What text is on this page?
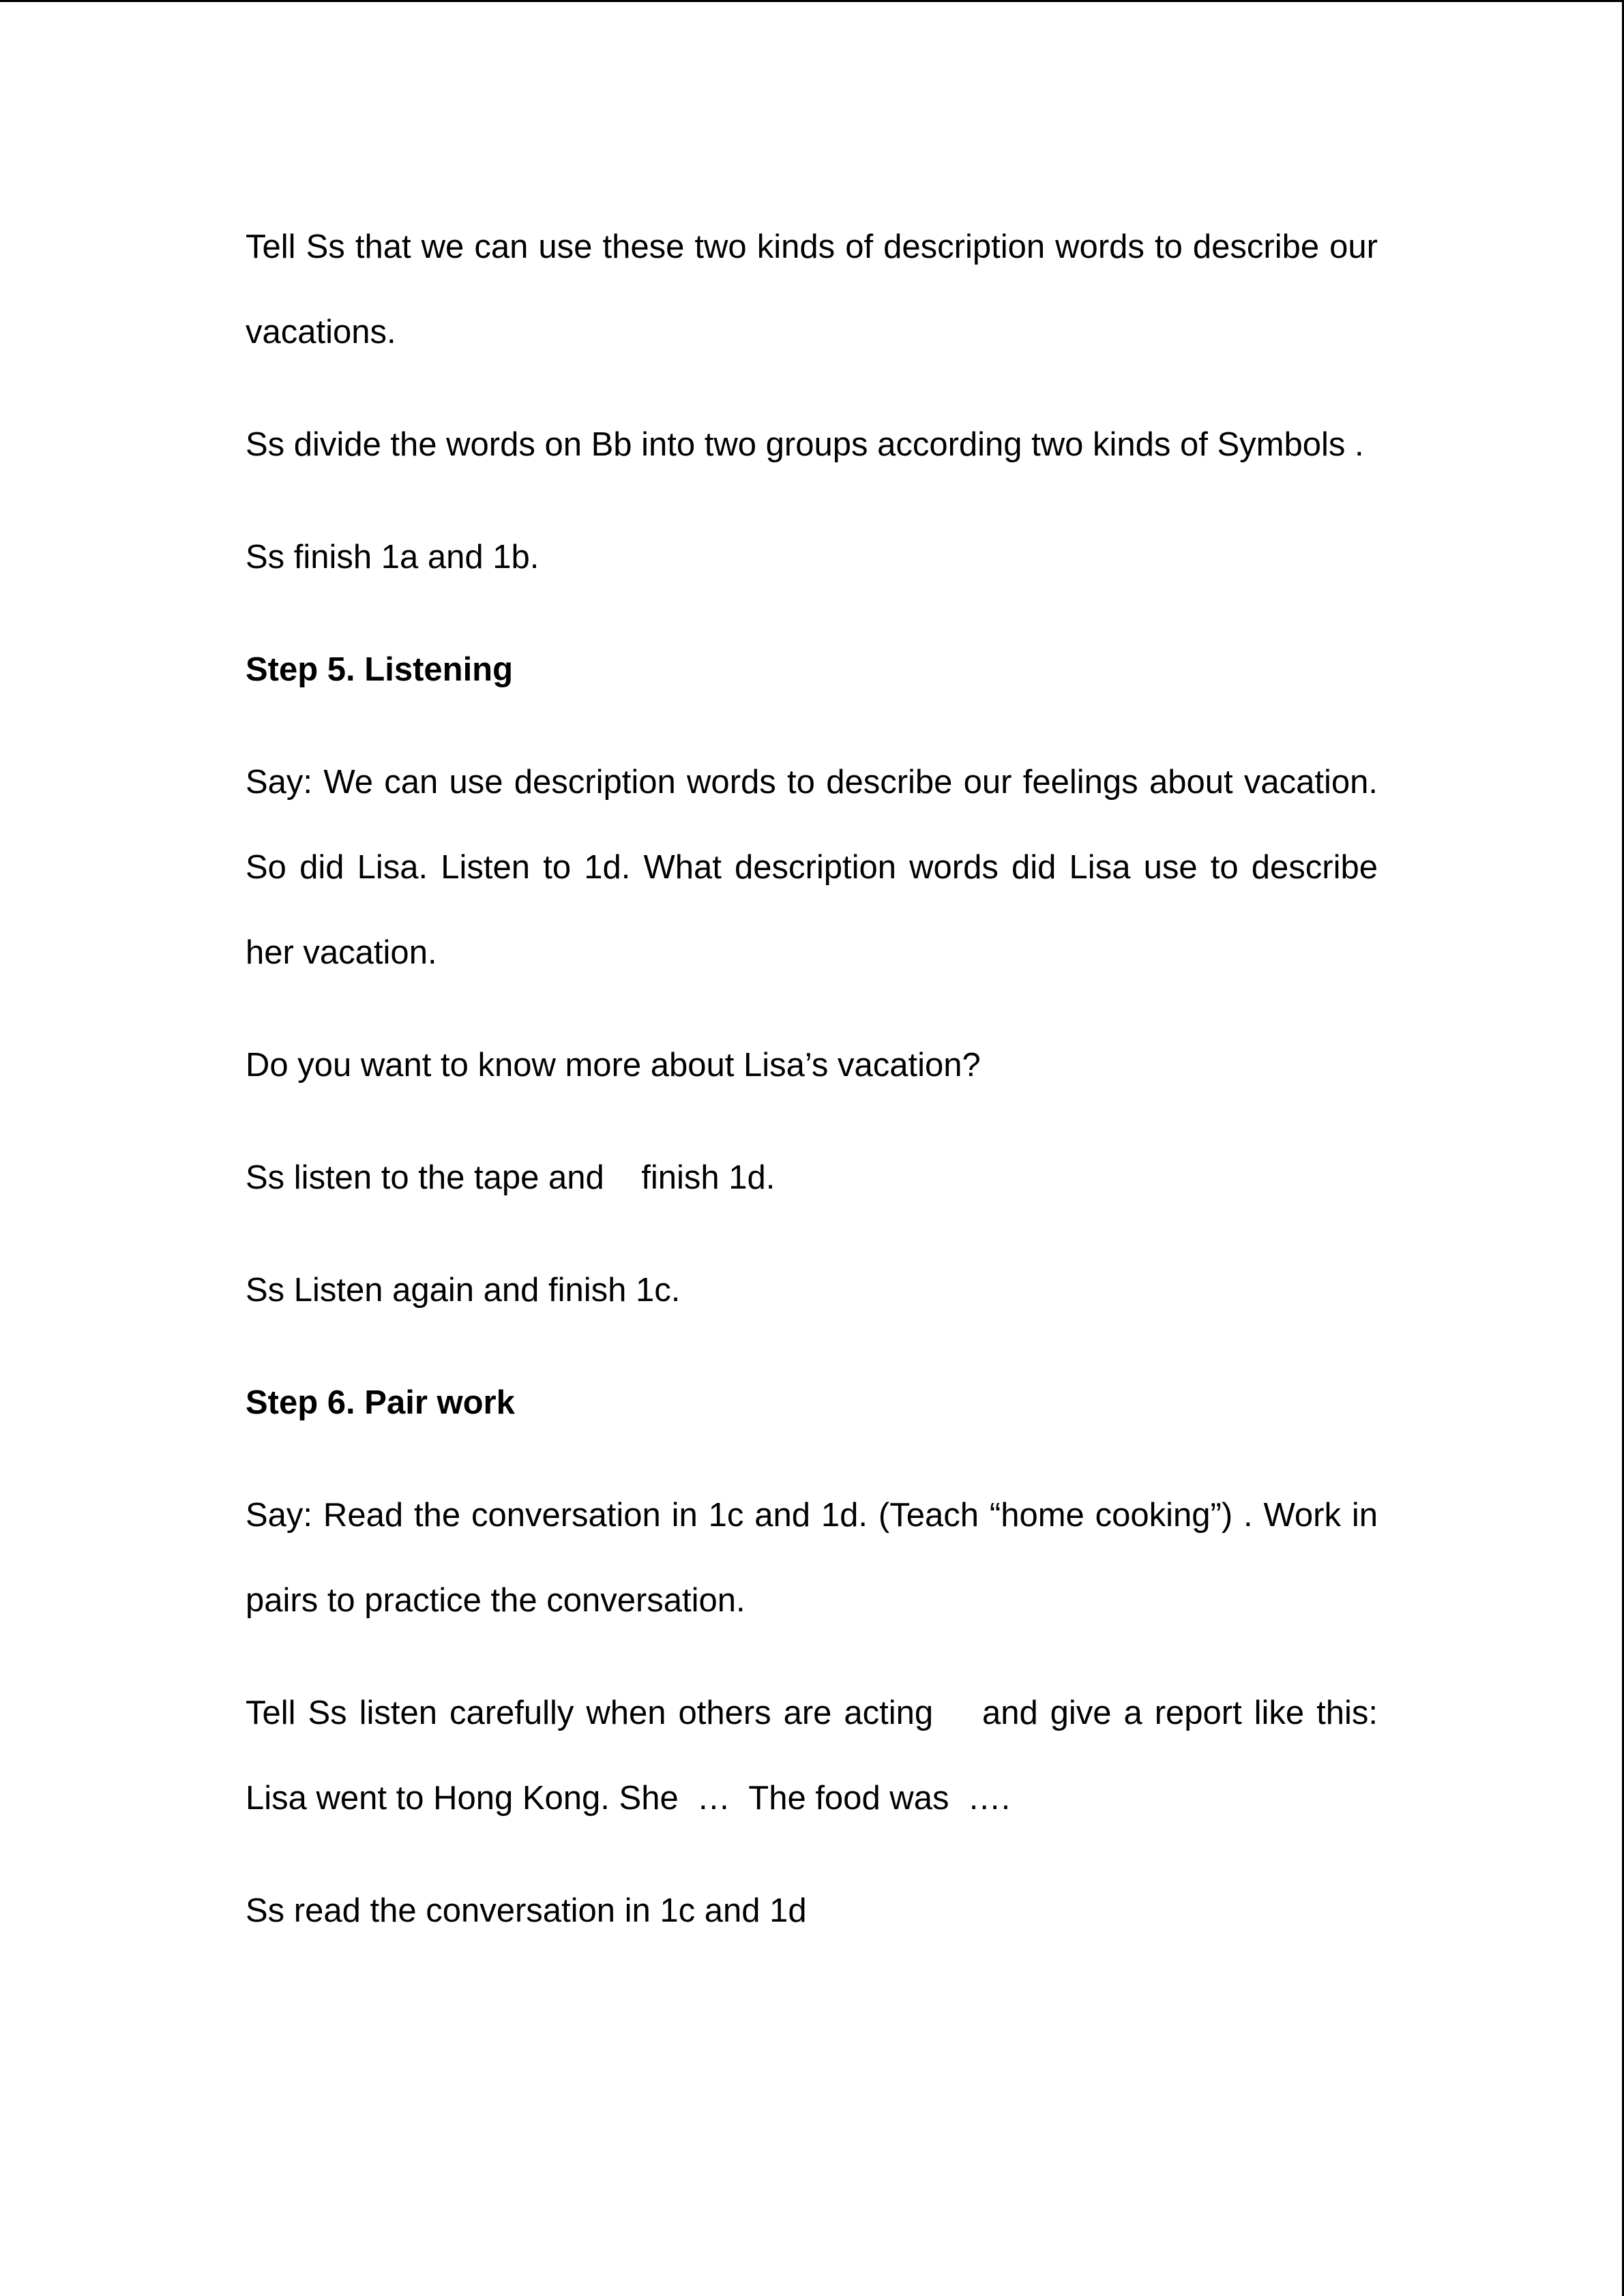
Tell Ss that we can use these two kinds of description words to describe our vacations.

Ss divide the words on Bb into two groups according two kinds of Symbols .

Ss finish 1a and 1b.

Step 5. Listening

Say: We can use description words to describe our feelings about vacation. So did Lisa. Listen to 1d. What description words did Lisa use to describe her vacation.

Do you want to know more about Lisa’s vacation?

Ss listen to the tape and    finish 1d.

Ss Listen again and finish 1c.

Step 6. Pair work

Say: Read the conversation in 1c and 1d. (Teach “home cooking”) . Work in pairs to practice the conversation.

Tell Ss listen carefully when others are acting    and give a report like this: Lisa went to Hong Kong. She  …  The food was  ….

Ss read the conversation in 1c and 1d
